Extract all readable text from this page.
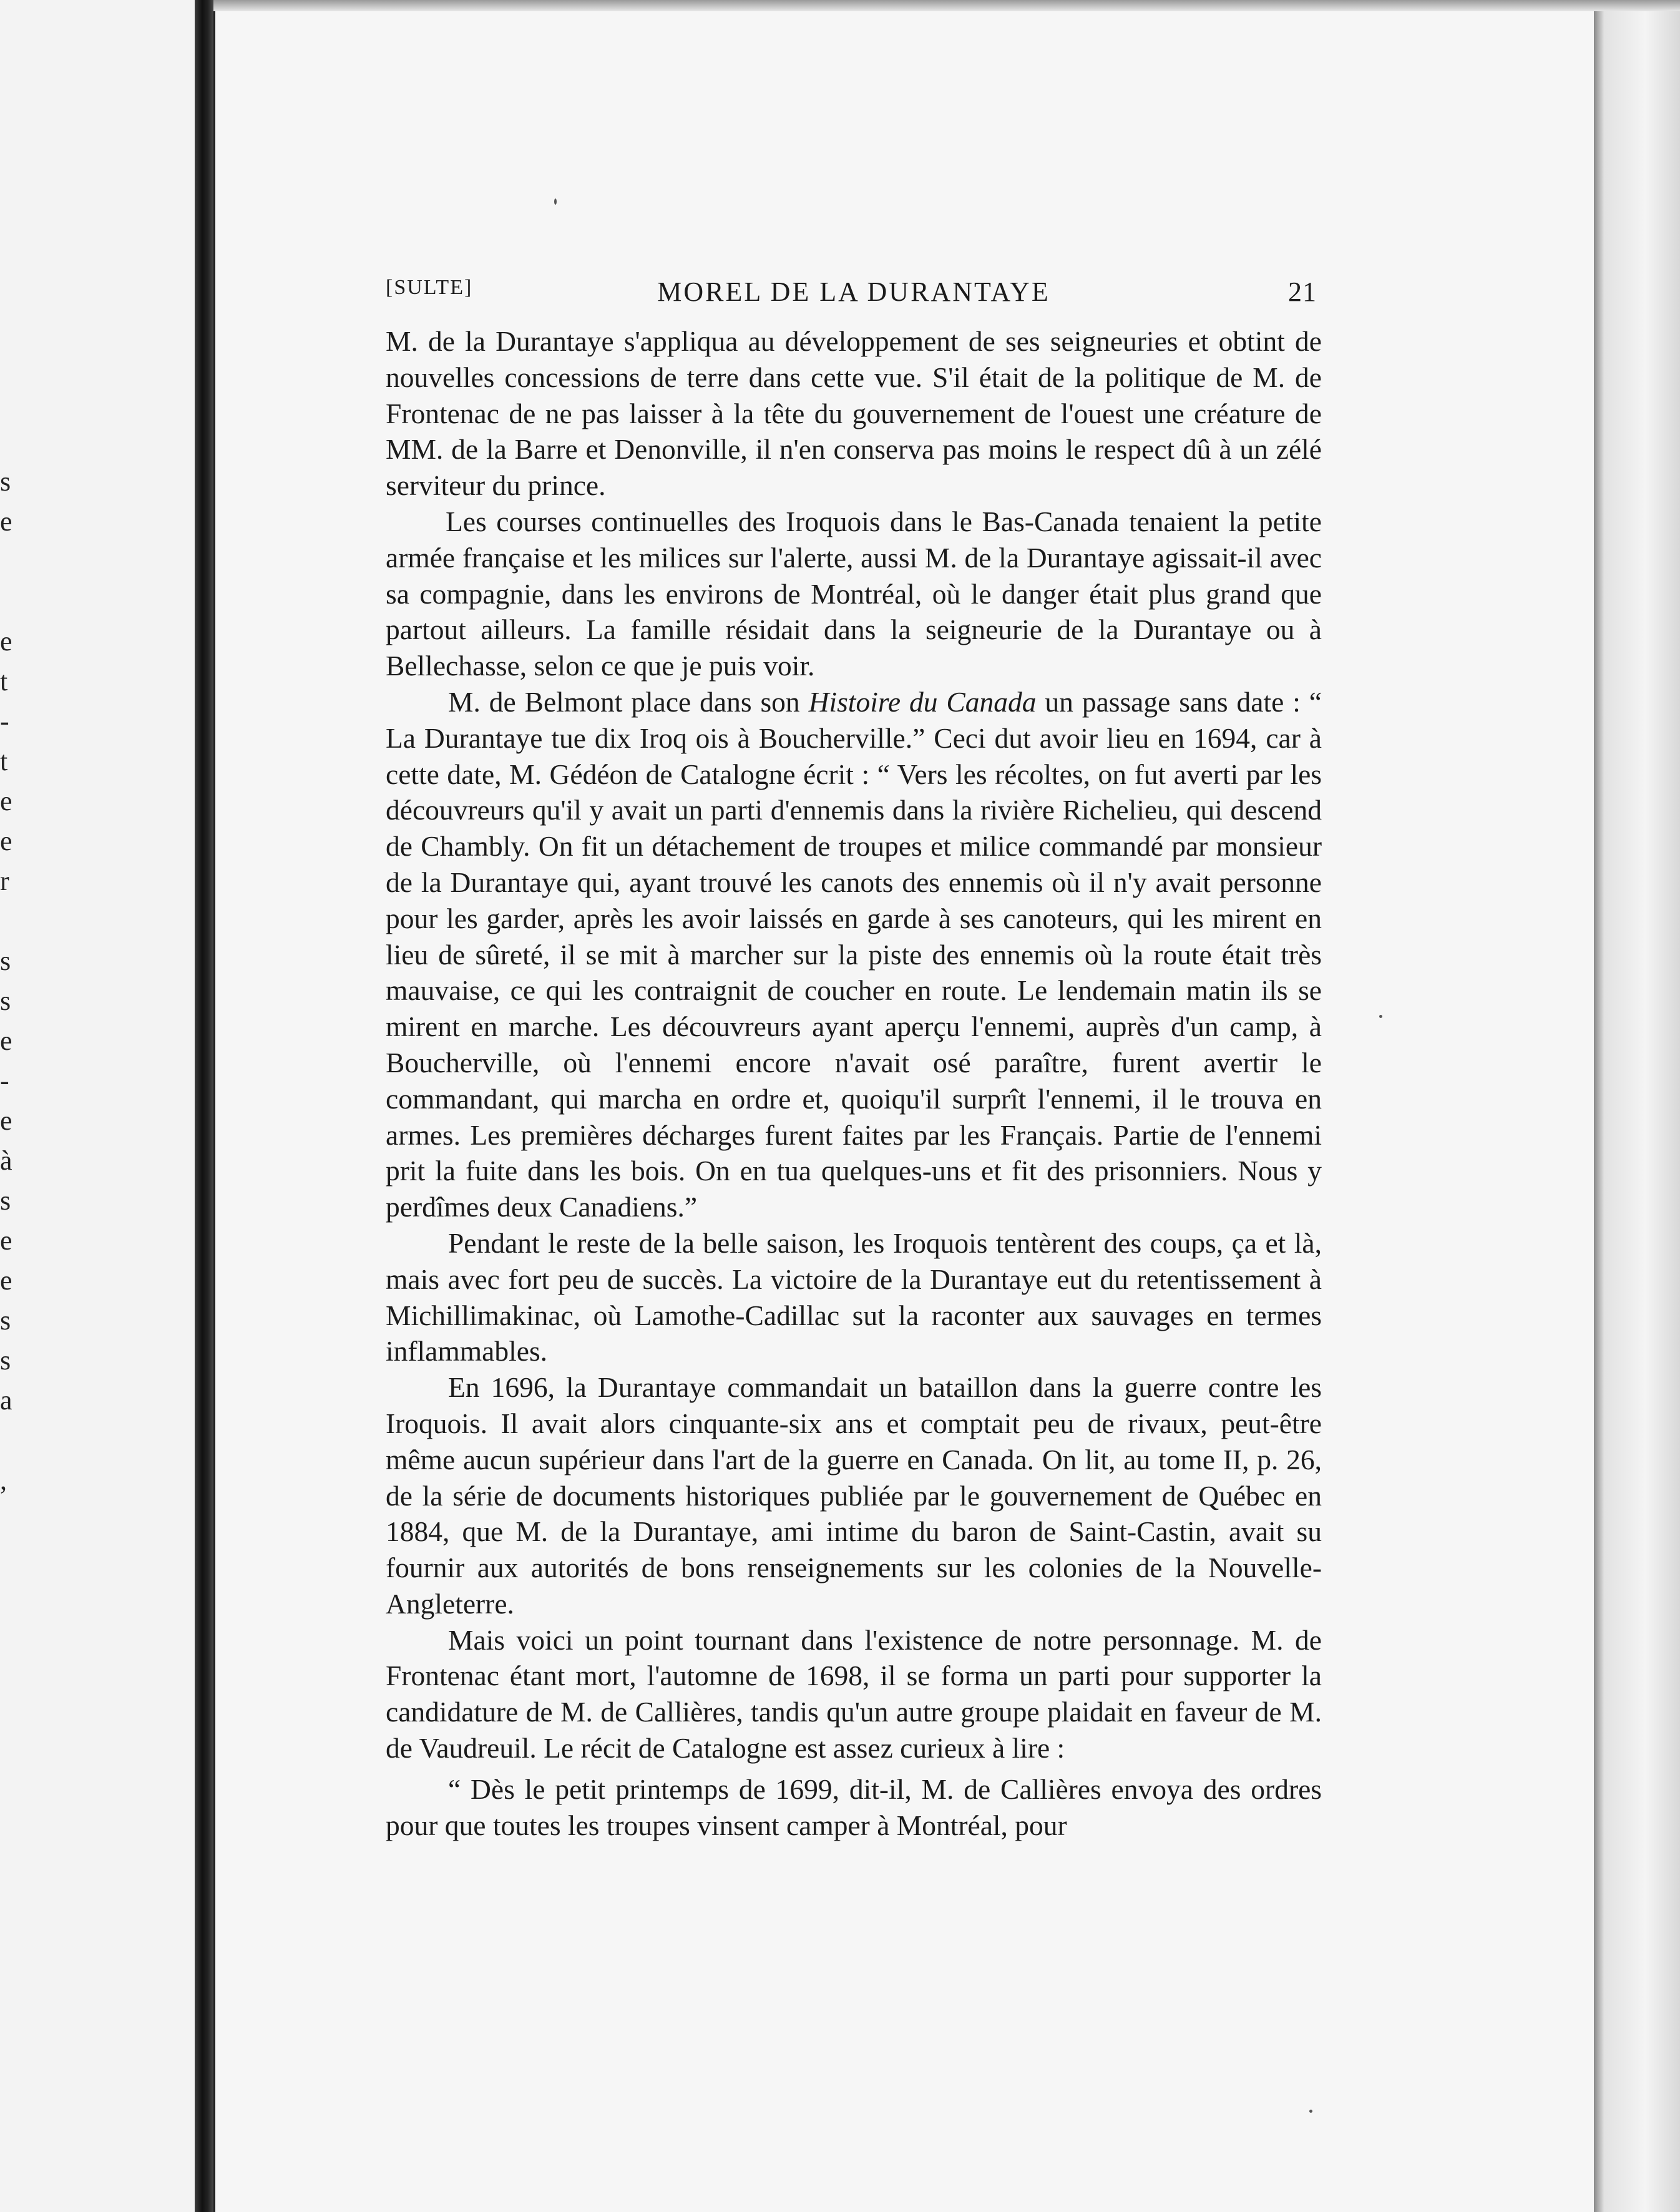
s
e
e
t
-
t
e
e
r
s
s
e
-
e
à
s
e
e
s
s
a
,
[SULTE]	MOREL DE LA DURANTAYE	21

M. de la Durantaye s'appliqua au développement de ses seigneuries et obtint de nouvelles concessions de terre dans cette vue. S'il était de la politique de M. de Frontenac de ne pas laisser à la tête du gouvernement de l'ouest une créature de MM. de la Barre et Denonville, il n'en conserva pas moins le respect dû à un zélé serviteur du prince.

Les courses continuelles des Iroquois dans le Bas-Canada tenaient la petite armée française et les milices sur l'alerte, aussi M. de la Durantaye agissait-il avec sa compagnie, dans les environs de Montréal, où le danger était plus grand que partout ailleurs. La famille résidait dans la seigneurie de la Durantaye ou à Bellechasse, selon ce que je puis voir.

M. de Belmont place dans son Histoire du Canada un passage sans date : “ La Durantaye tue dix Iroq ois à Boucherville.” Ceci dut avoir lieu en 1694, car à cette date, M. Gédéon de Catalogne écrit : “ Vers les récoltes, on fut averti par les découvreurs qu'il y avait un parti d'ennemis dans la rivière Richelieu, qui descend de Chambly. On fit un détachement de troupes et milice commandé par monsieur de la Durantaye qui, ayant trouvé les canots des ennemis où il n'y avait personne pour les garder, après les avoir laissés en garde à ses canoteurs, qui les mirent en lieu de sûreté, il se mit à marcher sur la piste des ennemis où la route était très mauvaise, ce qui les contraignit de coucher en route. Le lendemain matin ils se mirent en marche. Les découvreurs ayant aperçu l'ennemi, auprès d'un camp, à Boucherville, où l'ennemi encore n'avait osé paraître, furent avertir le commandant, qui marcha en ordre et, quoiqu'il surprît l'ennemi, il le trouva en armes. Les premières décharges furent faites par les Français. Partie de l'ennemi prit la fuite dans les bois. On en tua quelques-uns et fit des prisonniers. Nous y perdîmes deux Canadiens.”

Pendant le reste de la belle saison, les Iroquois tentèrent des coups, ça et là, mais avec fort peu de succès. La victoire de la Durantaye eut du retentissement à Michillimakinac, où Lamothe-Cadillac sut la raconter aux sauvages en termes inflammables.

En 1696, la Durantaye commandait un bataillon dans la guerre contre les Iroquois. Il avait alors cinquante-six ans et comptait peu de rivaux, peut-être même aucun supérieur dans l'art de la guerre en Canada. On lit, au tome II, p. 26, de la série de documents historiques publiée par le gouvernement de Québec en 1884, que M. de la Durantaye, ami intime du baron de Saint-Castin, avait su fournir aux autorités de bons renseignements sur les colonies de la Nouvelle-Angleterre.

Mais voici un point tournant dans l'existence de notre personnage. M. de Frontenac étant mort, l'automne de 1698, il se forma un parti pour supporter la candidature de M. de Callières, tandis qu'un autre groupe plaidait en faveur de M. de Vaudreuil. Le récit de Catalogne est assez curieux à lire :

“ Dès le petit printemps de 1699, dit-il, M. de Callières envoya des ordres pour que toutes les troupes vinsent camper à Montréal, pour
